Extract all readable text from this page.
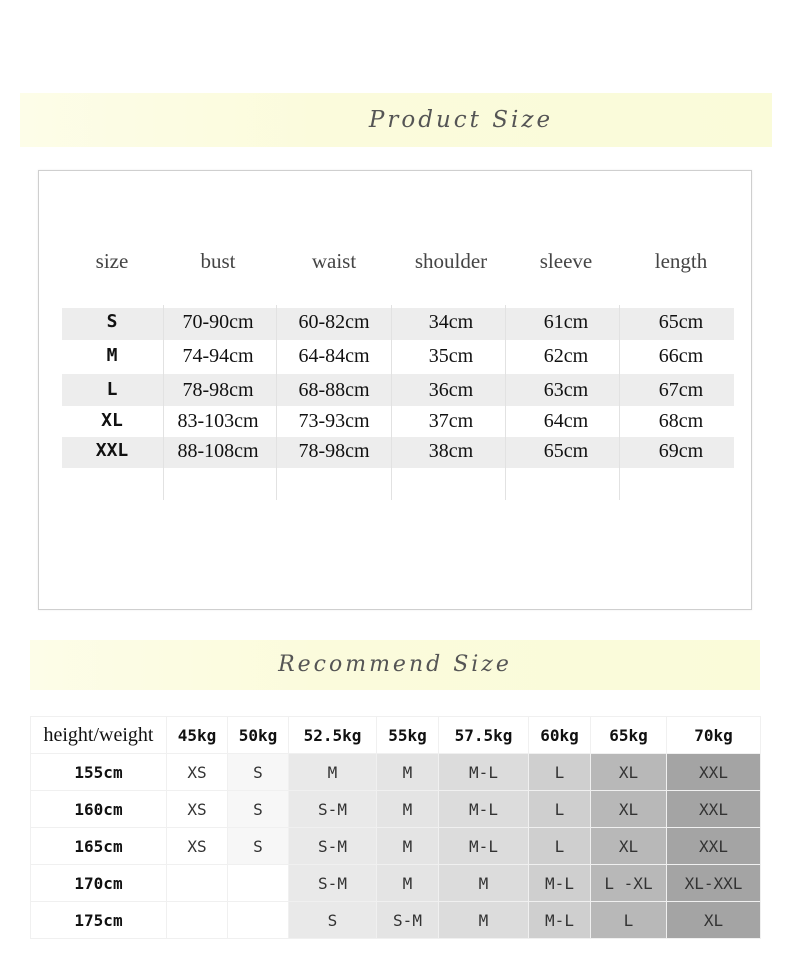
Product Size
size	bust	waist	shoulder	sleeve	length
S	70-90cm	60-82cm	34cm	61cm	65cm
M	74-94cm	64-84cm	35cm	62cm	66cm
L	78-98cm	68-88cm	36cm	63cm	67cm
XL	83-103cm	73-93cm	37cm	64cm	68cm
XXL	88-108cm	78-98cm	38cm	65cm	69cm
Recommend Size
height/weight	45kg	50kg	52.5kg	55kg	57.5kg	60kg	65kg	70kg
155cm	XS	S	M	M	M-L	L	XL	XXL
160cm	XS	S	S-M	M	M-L	L	XL	XXL
165cm	XS	S	S-M	M	M-L	L	XL	XXL
170cm			S-M	M	M	M-L	L -XL	XL-XXL
175cm			S	S-M	M	M-L	L	XL
